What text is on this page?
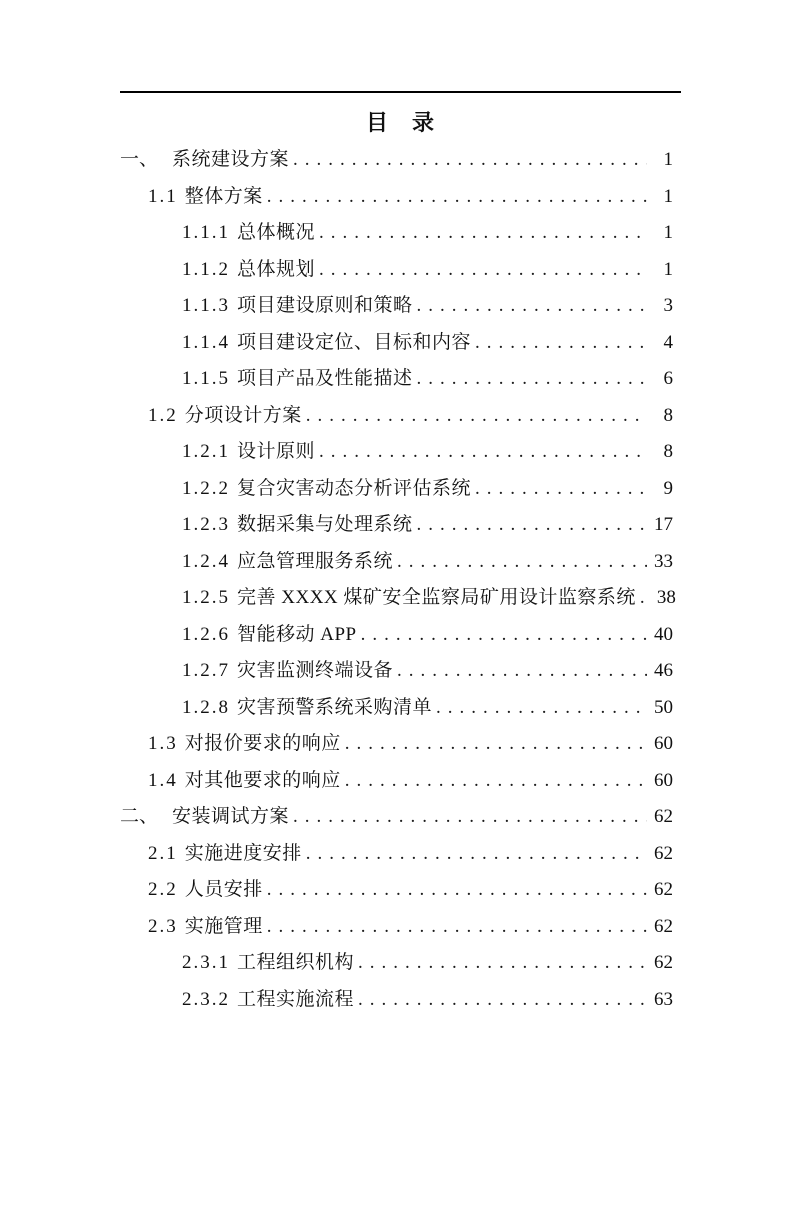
目　录
一、 系统建设方案 .....	1
1.1 整体方案 .....	1
1.1.1 总体概况 .....	1
1.1.2 总体规划 .....	1
1.1.3 项目建设原则和策略 .....	3
1.1.4 项目建设定位、目标和内容 .....	4
1.1.5 项目产品及性能描述 .....	6
1.2 分项设计方案 .....	8
1.2.1 设计原则 .....	8
1.2.2 复合灾害动态分析评估系统 .....	9
1.2.3 数据采集与处理系统 .....	17
1.2.4 应急管理服务系统 .....	33
1.2.5 完善 XXXX 煤矿安全监察局矿用设计监察系统 ..... 38
1.2.6 智能移动 APP .....	40
1.2.7 灾害监测终端设备 .....	46
1.2.8 灾害预警系统采购清单 .....	50
1.3 对报价要求的响应 .....	60
1.4 对其他要求的响应 .....	60
二、 安装调试方案 .....	62
2.1 实施进度安排 .....	62
2.2 人员安排 .....	62
2.3 实施管理 .....	62
2.3.1 工程组织机构 .....	62
2.3.2 工程实施流程 .....	63
